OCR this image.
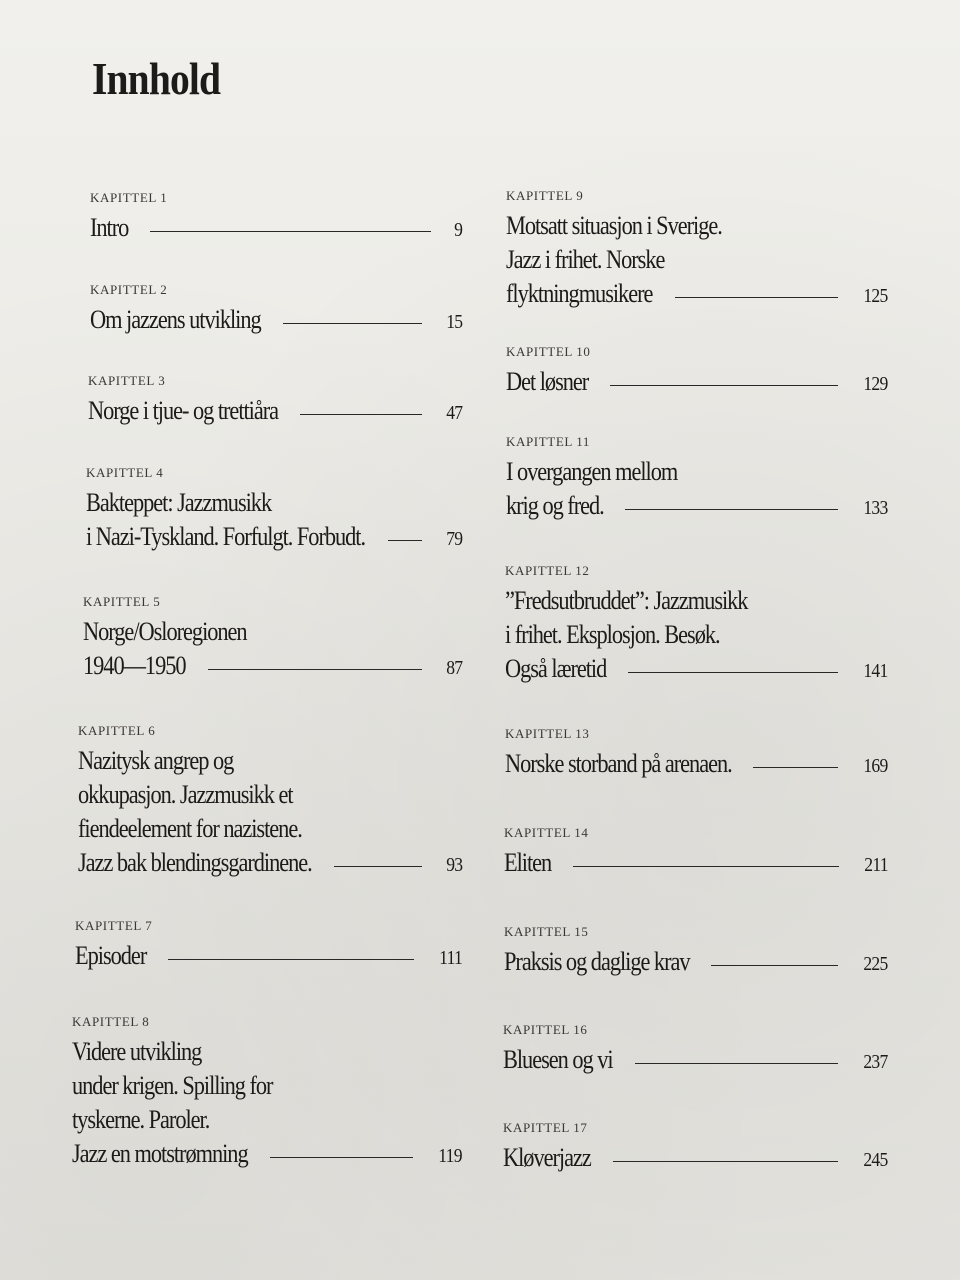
Innhold
KAPITTEL 1
Intro	9
KAPITTEL 2
Om jazzens utvikling	15
KAPITTEL 3
Norge i tjue- og trettiåra	47
KAPITTEL 4
Bakteppet: Jazzmusikk
i Nazi-Tyskland. Forfulgt. Forbudt.	79
KAPITTEL 5
Norge/Osloregionen
1940—1950	87
KAPITTEL 6
Nazitysk angrep og
okkupasjon. Jazzmusikk et
fiendeelement for nazistene.
Jazz bak blendingsgardinene.	93
KAPITTEL 7
Episoder	111
KAPITTEL 8
Videre utvikling
under krigen. Spilling for
tyskerne. Paroler.
Jazz en motstrømning	119
KAPITTEL 9
Motsatt situasjon i Sverige.
Jazz i frihet. Norske
flyktningmusikere	125
KAPITTEL 10
Det løsner	129
KAPITTEL 11
I overgangen mellom
krig og fred.	133
KAPITTEL 12
”Fredsutbruddet”: Jazzmusikk
i frihet. Eksplosjon. Besøk.
Også læretid	141
KAPITTEL 13
Norske storband på arenaen.	169
KAPITTEL 14
Eliten	211
KAPITTEL 15
Praksis og daglige krav	225
KAPITTEL 16
Bluesen og vi	237
KAPITTEL 17
Kløverjazz	245
